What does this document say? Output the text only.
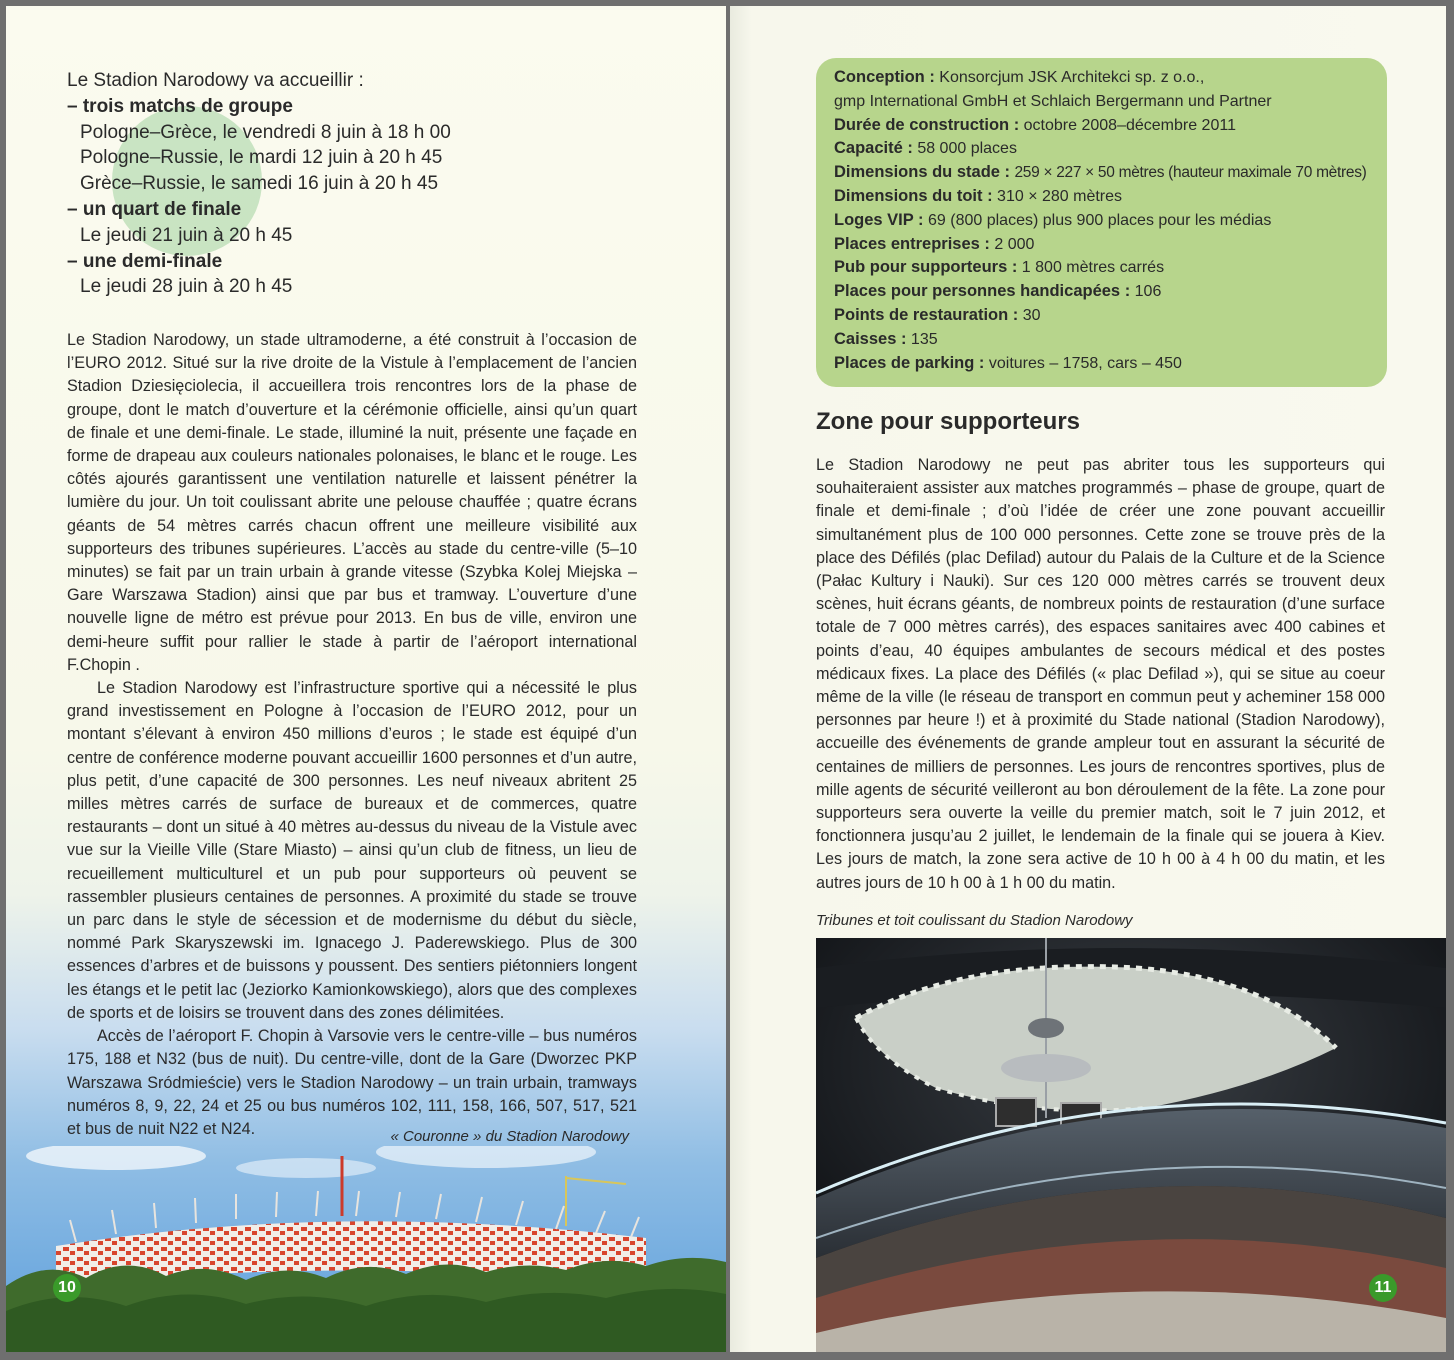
Le Stadion Narodowy va accueillir :
– trois matchs de groupe
Pologne–Grèce, le vendredi 8 juin à 18 h 00
Pologne–Russie, le mardi 12 juin à 20 h 45
Grèce–Russie, le samedi 16 juin à 20 h 45
– un quart de finale
Le jeudi 21 juin à 20 h 45
– une demi-finale
Le jeudi 28 juin à 20 h 45

Le Stadion Narodowy, un stade ultramoderne, a été construit à l’occasion de l’EURO 2012. Situé sur la rive droite de la Vistule à l’emplacement de l’ancien Stadion Dziesięciolecia, il accueillera trois rencontres lors de la phase de groupe, dont le match d’ouverture et la cérémonie officielle, ainsi qu’un quart de finale et une demi-finale. Le stade, illuminé la nuit, présente une façade en forme de drapeau aux couleurs nationales polonaises, le blanc et le rouge. Les côtés ajourés garantissent une ventilation naturelle et laissent pénétrer la lumière du jour. Un toit coulissant abrite une pelouse chauffée ; quatre écrans géants de 54 mètres carrés chacun offrent une meilleure visibilité aux supporteurs des tribunes supérieures. L’accès au stade du centre-ville (5–10 minutes) se fait par un train urbain à grande vitesse (Szybka Kolej Miejska – Gare Warszawa Stadion) ainsi que par bus et tramway. L’ouverture d’une nouvelle ligne de métro est prévue pour 2013. En bus de ville, environ une demi-heure suffit pour rallier le stade à partir de l’aéroport international F.Chopin .

Le Stadion Narodowy est l’infrastructure sportive qui a nécessité le plus grand investissement en Pologne à l’occasion de l’EURO 2012, pour un montant s’élevant à environ 450 millions d’euros ; le stade est équipé d’un centre de conférence moderne pouvant accueillir 1600 personnes et d’un autre, plus petit, d’une capacité de 300 personnes. Les neuf niveaux abritent 25 milles mètres carrés de surface de bureaux et de commerces, quatre restaurants – dont un situé à 40 mètres au-dessus du niveau de la Vistule avec vue sur la Vieille Ville (Stare Miasto) – ainsi qu’un club de fitness, un lieu de recueillement multiculturel et un pub pour supporteurs où peuvent se rassembler plusieurs centaines de personnes. A proximité du stade se trouve un parc dans le style de sécession et de modernisme du début du siècle, nommé Park Skaryszewski im. Ignacego J. Paderewskiego. Plus de 300 essences d’arbres et de buissons y poussent. Des sentiers piétonniers longent les étangs et le petit lac (Jeziorko Kamionkowskiego), alors que des complexes de sports et de loisirs se trouvent dans des zones délimitées.

Accès de l’aéroport F. Chopin à Varsovie vers le centre-ville – bus numéros 175, 188 et N32 (bus de nuit). Du centre-ville, dont de la Gare (Dworzec PKP Warszawa Sródmieście) vers le Stadion Narodowy – un train urbain, tramways numéros 8, 9, 22, 24 et 25 ou bus numéros 102, 111, 158, 166, 507, 517, 521 et bus de nuit N22 et N24.	« Couronne » du Stadion Narodowy
10
Conception : Konsorcjum JSK Architekci sp. z o.o.,
gmp International GmbH et Schlaich Bergermann und Partner
Durée de construction : octobre 2008–décembre 2011
Capacité : 58 000 places
Dimensions du stade : 259 × 227 × 50 mètres (hauteur maximale 70 mètres)
Dimensions du toit : 310 × 280 mètres
Loges VIP : 69 (800 places) plus 900 places pour les médias
Places entreprises : 2 000
Pub pour supporteurs : 1 800 mètres carrés
Places pour personnes handicapées : 106
Points de restauration : 30
Caisses : 135
Places de parking : voitures – 1758, cars – 450
Zone pour supporteurs

Le Stadion Narodowy ne peut pas abriter tous les supporteurs qui souhaiteraient assister aux matches programmés – phase de groupe, quart de finale et demi-finale ; d’où l’idée de créer une zone pouvant accueillir simultanément plus de 100 000 personnes. Cette zone se trouve près de la place des Défilés (plac Defilad) autour du Palais de la Culture et de la Science (Pałac Kultury i Nauki). Sur ces 120 000 mètres carrés se trouvent deux scènes, huit écrans géants, de nombreux points de restauration (d’une surface totale de 7 000 mètres carrés), des espaces sanitaires avec 400 cabines et points d’eau, 40 équipes ambulantes de secours médical et des postes médicaux fixes. La place des Défilés (« plac Defilad »), qui se situe au coeur même de la ville (le réseau de transport en commun peut y acheminer 158 000 personnes par heure !) et à proximité du Stade national (Stadion Narodowy), accueille des événements de grande ampleur tout en assurant la sécurité de centaines de milliers de personnes. Les jours de rencontres sportives, plus de mille agents de sécurité veilleront au bon déroulement de la fête. La zone pour supporteurs sera ouverte la veille du premier match, soit le 7 juin 2012, et fonctionnera jusqu’au 2 juillet, le lendemain de la finale qui se jouera à Kiev. Les jours de match, la zone sera active de 10 h 00 à 4 h 00 du matin, et les autres jours de 10 h 00 à 1 h 00 du matin.

Tribunes et toit coulissant du Stadion Narodowy
11
